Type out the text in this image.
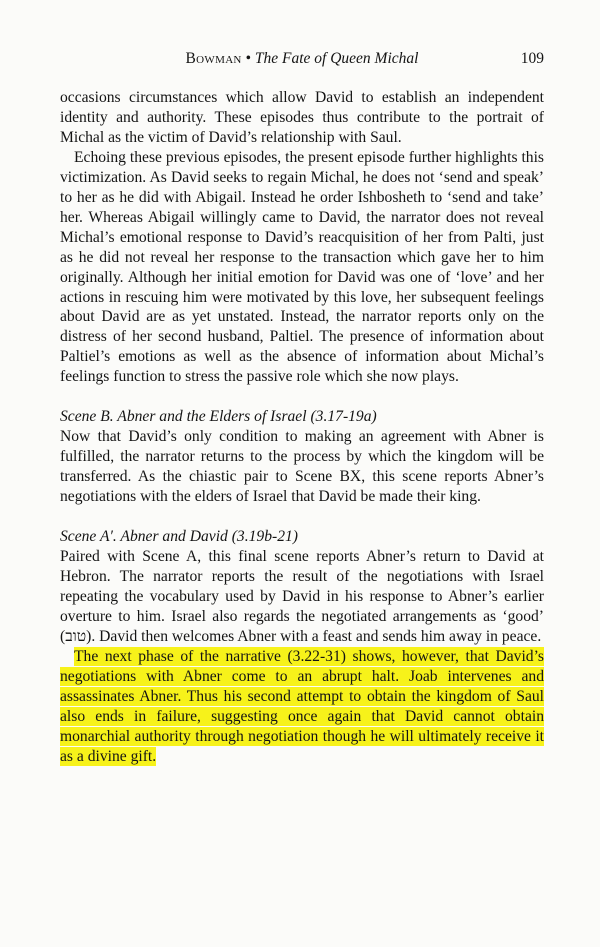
Bowman • The Fate of Queen Michal	109

occasions circumstances which allow David to establish an independent identity and authority. These episodes thus contribute to the portrait of Michal as the victim of David’s relationship with Saul.

Echoing these previous episodes, the present episode further highlights this victimization. As David seeks to regain Michal, he does not ‘send and speak’ to her as he did with Abigail. Instead he order Ishbosheth to ‘send and take’ her. Whereas Abigail willingly came to David, the narrator does not reveal Michal’s emotional response to David’s reacquisition of her from Palti, just as he did not reveal her response to the transaction which gave her to him originally. Although her initial emotion for David was one of ‘love’ and her actions in rescuing him were motivated by this love, her subsequent feelings about David are as yet unstated. Instead, the narrator reports only on the distress of her second husband, Paltiel. The presence of information about Paltiel’s emotions as well as the absence of information about Michal’s feelings function to stress the passive role which she now plays.

Scene B. Abner and the Elders of Israel (3.17-19a)

Now that David’s only condition to making an agreement with Abner is fulfilled, the narrator returns to the process by which the kingdom will be transferred. As the chiastic pair to Scene BX, this scene reports Abner’s negotiations with the elders of Israel that David be made their king.

Scene A′. Abner and David (3.19b-21)

Paired with Scene A, this final scene reports Abner’s return to David at Hebron. The narrator reports the result of the negotiations with Israel repeating the vocabulary used by David in his response to Abner’s earlier overture to him. Israel also regards the negotiated arrangements as ‘good’ (טוב). David then welcomes Abner with a feast and sends him away in peace.

The next phase of the narrative (3.22-31) shows, however, that David’s negotiations with Abner come to an abrupt halt. Joab intervenes and assassinates Abner. Thus his second attempt to obtain the kingdom of Saul also ends in failure, suggesting once again that David cannot obtain monarchial authority through negotiation though he will ultimately receive it as a divine gift.
